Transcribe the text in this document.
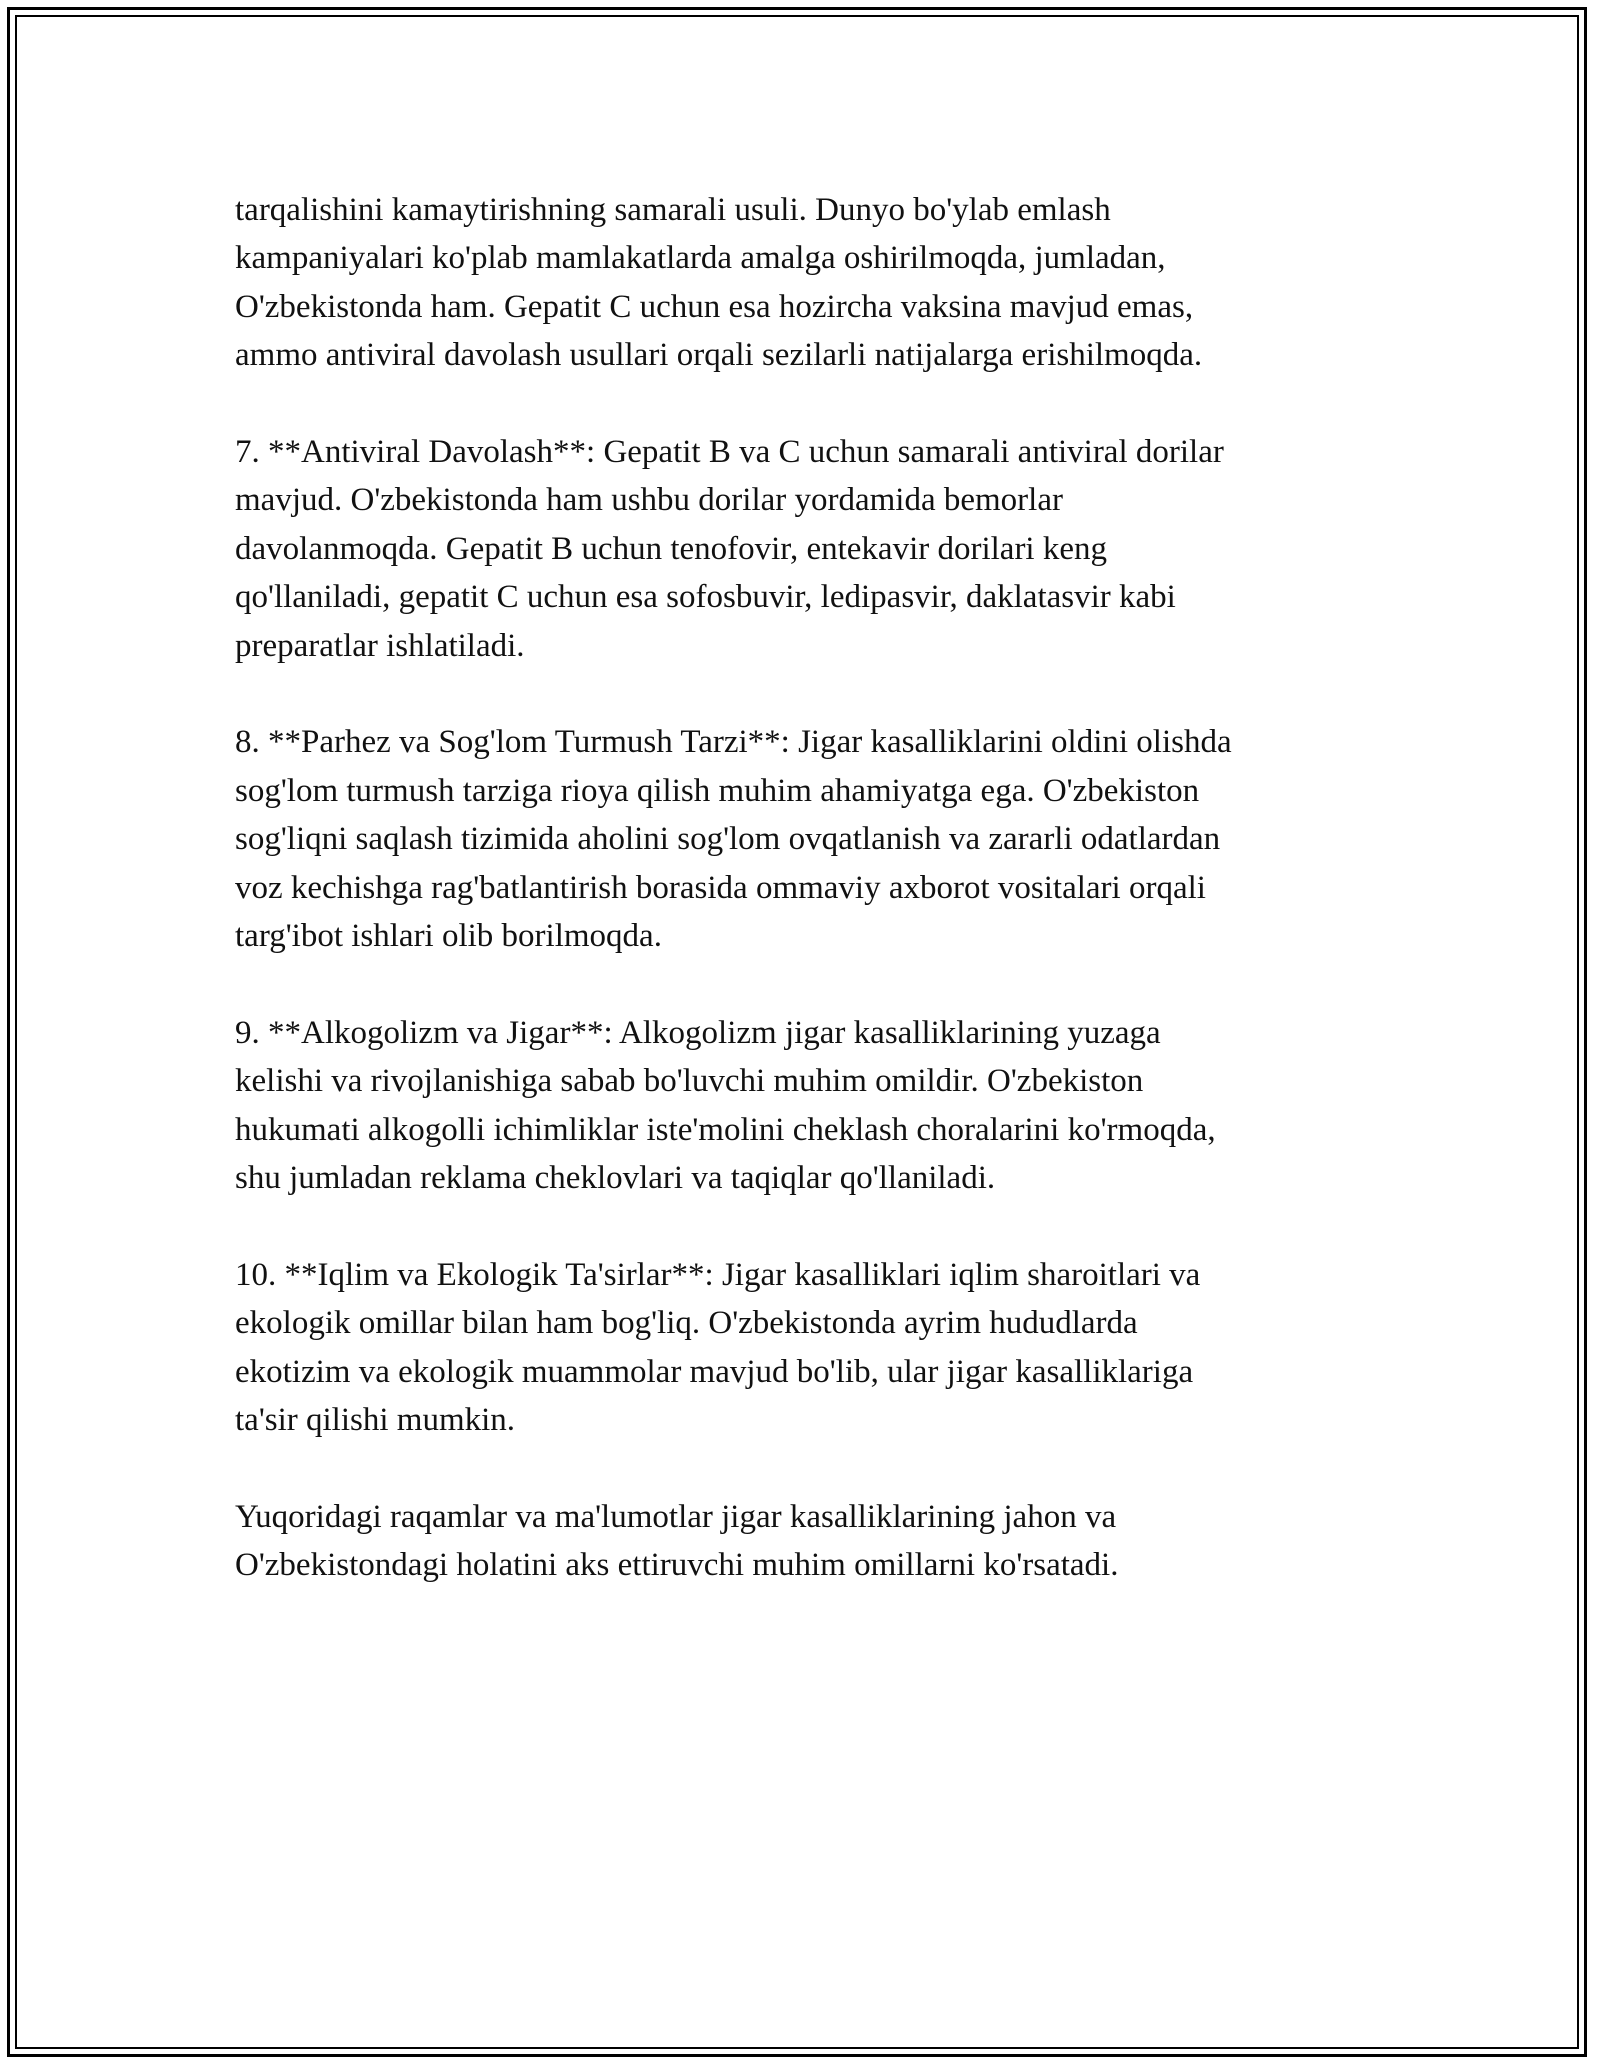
tarqalishini kamaytirishning samarali usuli. Dunyo bo'ylab emlash
kampaniyalari ko'plab mamlakatlarda amalga oshirilmoqda, jumladan,
O'zbekistonda ham. Gepatit C uchun esa hozircha vaksina mavjud emas,
ammo antiviral davolash usullari orqali sezilarli natijalarga erishilmoqda.

7. **Antiviral Davolash**: Gepatit B va C uchun samarali antiviral dorilar
mavjud. O'zbekistonda ham ushbu dorilar yordamida bemorlar
davolanmoqda. Gepatit B uchun tenofovir, entekavir dorilari keng
qo'llaniladi, gepatit C uchun esa sofosbuvir, ledipasvir, daklatasvir kabi
preparatlar ishlatiladi.

8. **Parhez va Sog'lom Turmush Tarzi**: Jigar kasalliklarini oldini olishda
sog'lom turmush tarziga rioya qilish muhim ahamiyatga ega. O'zbekiston
sog'liqni saqlash tizimida aholini sog'lom ovqatlanish va zararli odatlardan
voz kechishga rag'batlantirish borasida ommaviy axborot vositalari orqali
targ'ibot ishlari olib borilmoqda.

9. **Alkogolizm va Jigar**: Alkogolizm jigar kasalliklarining yuzaga
kelishi va rivojlanishiga sabab bo'luvchi muhim omildir. O'zbekiston
hukumati alkogolli ichimliklar iste'molini cheklash choralarini ko'rmoqda,
shu jumladan reklama cheklovlari va taqiqlar qo'llaniladi.

10. **Iqlim va Ekologik Ta'sirlar**: Jigar kasalliklari iqlim sharoitlari va
ekologik omillar bilan ham bog'liq. O'zbekistonda ayrim hududlarda
ekotizim va ekologik muammolar mavjud bo'lib, ular jigar kasalliklariga
ta'sir qilishi mumkin.

Yuqoridagi raqamlar va ma'lumotlar jigar kasalliklarining jahon va
O'zbekistondagi holatini aks ettiruvchi muhim omillarni ko'rsatadi.
